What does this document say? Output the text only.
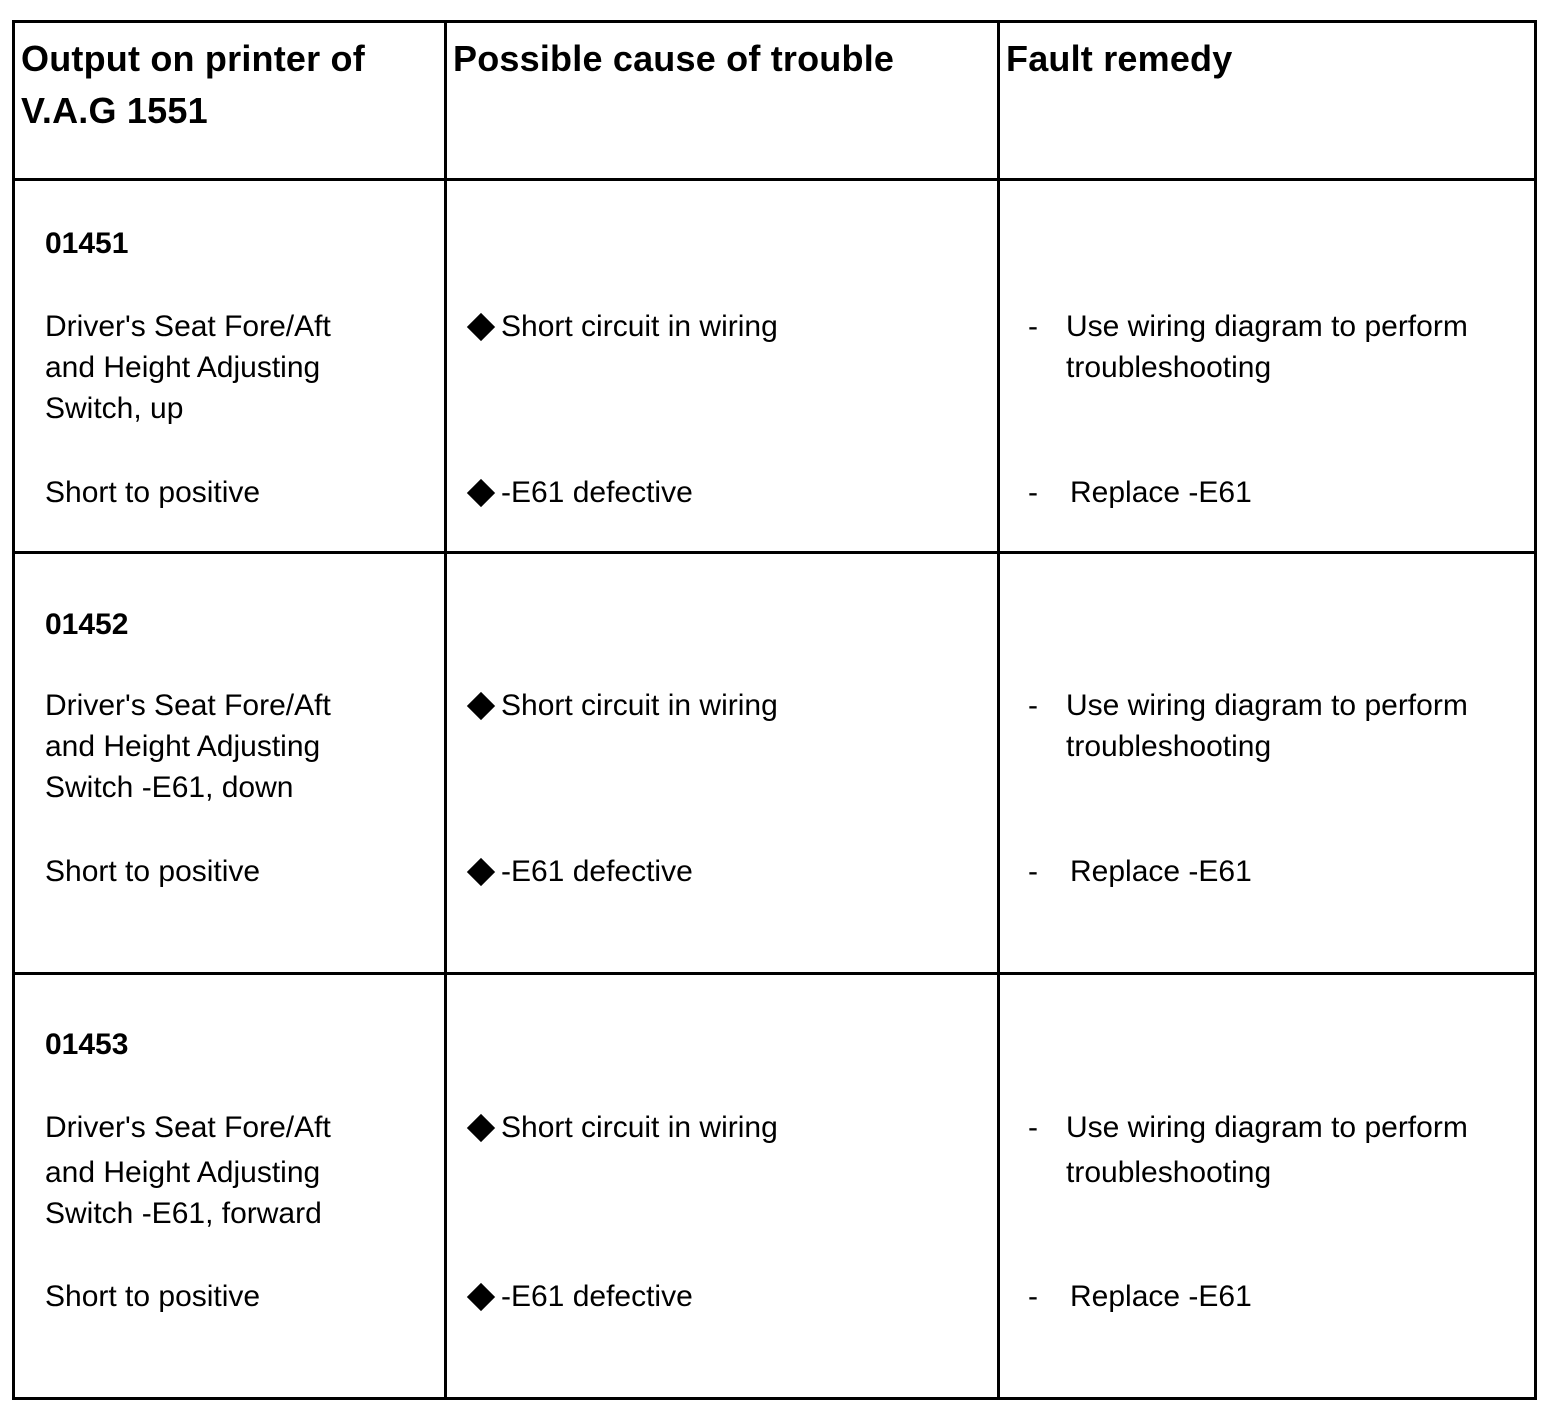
Output on printer of V.A.G 1551
Possible cause of trouble	Fault remedy
01451
Driver's Seat Fore/Aft
and Height Adjusting
Switch, up
Short to positive
Short circuit in wiring
-E61 defective
- Use wiring diagram to perform
troubleshooting
- Replace -E61
01452
Driver's Seat Fore/Aft
and Height Adjusting
Switch -E61, down
Short to positive
Short circuit in wiring
-E61 defective
- Use wiring diagram to perform
troubleshooting
- Replace -E61
01453
Driver's Seat Fore/Aft
and Height Adjusting
Switch -E61, forward
Short to positive
Short circuit in wiring
-E61 defective
- Use wiring diagram to perform
troubleshooting
- Replace -E61
